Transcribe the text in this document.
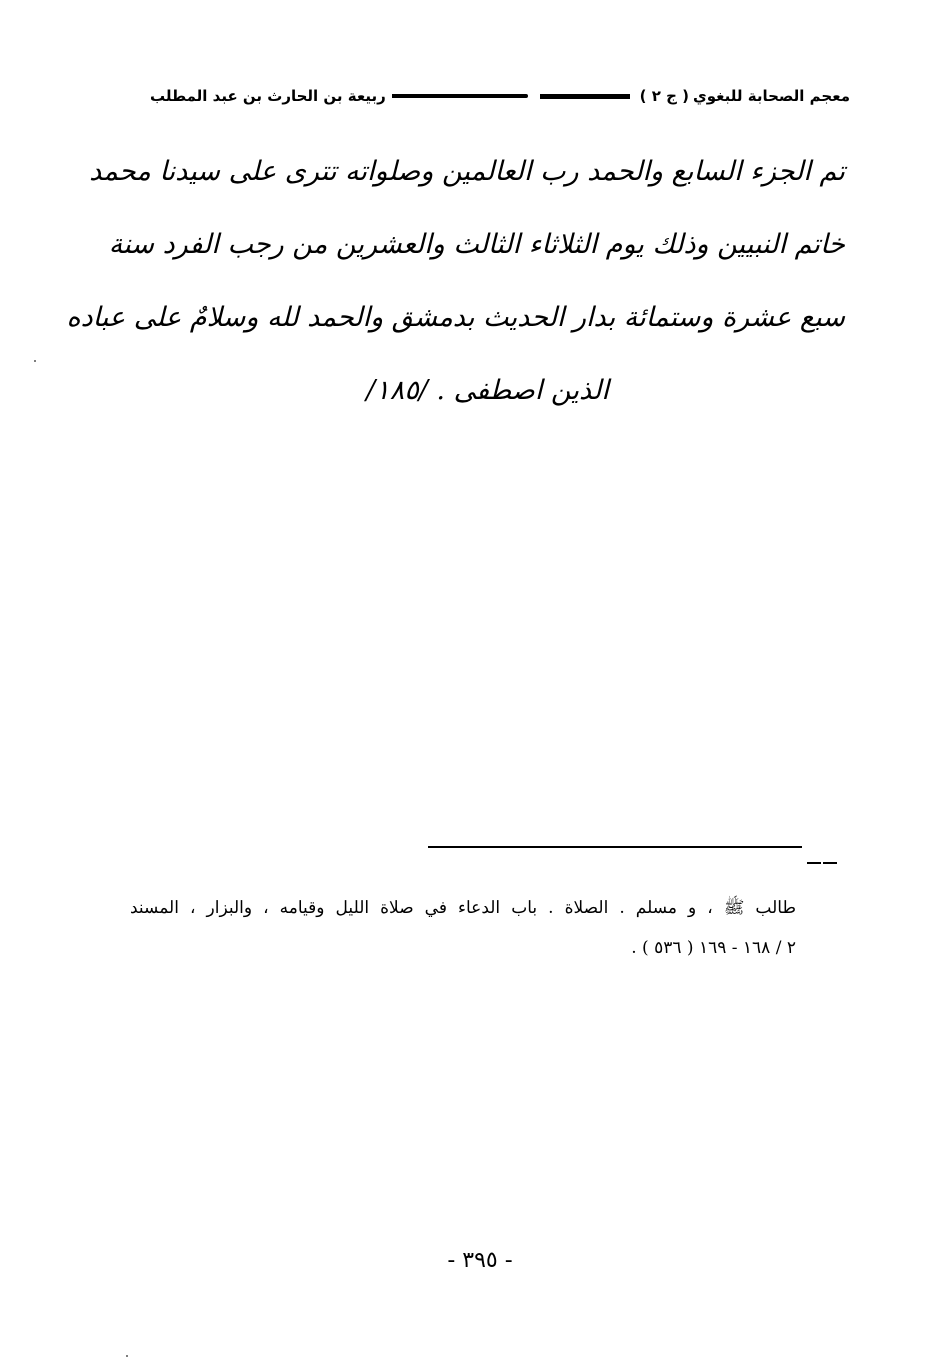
معجم الصحابة للبغوي
( ج ٢ )
ربيعة بن الحارث بن عبد المطلب
تم الجزء السابع والحمد رب العالمين وصلواته تترى على سيدنا محمد
خاتم النبيين وذلك يوم الثلاثاء الثالث والعشرين من رجب الفرد سنة
سبع عشرة وستمائة بدار الحديث بدمشق والحمد لله وسلامٌ على عباده
الذين اصطفى . /١٨٥/
طالب ﷺ ، و مسلم . الصلاة . باب الدعاء في صلاة الليل وقيامه ، والبزار ، المسند
٢ / ١٦٨ - ١٦٩ ( ٥٣٦ ) .
- ٣٩٥ -
